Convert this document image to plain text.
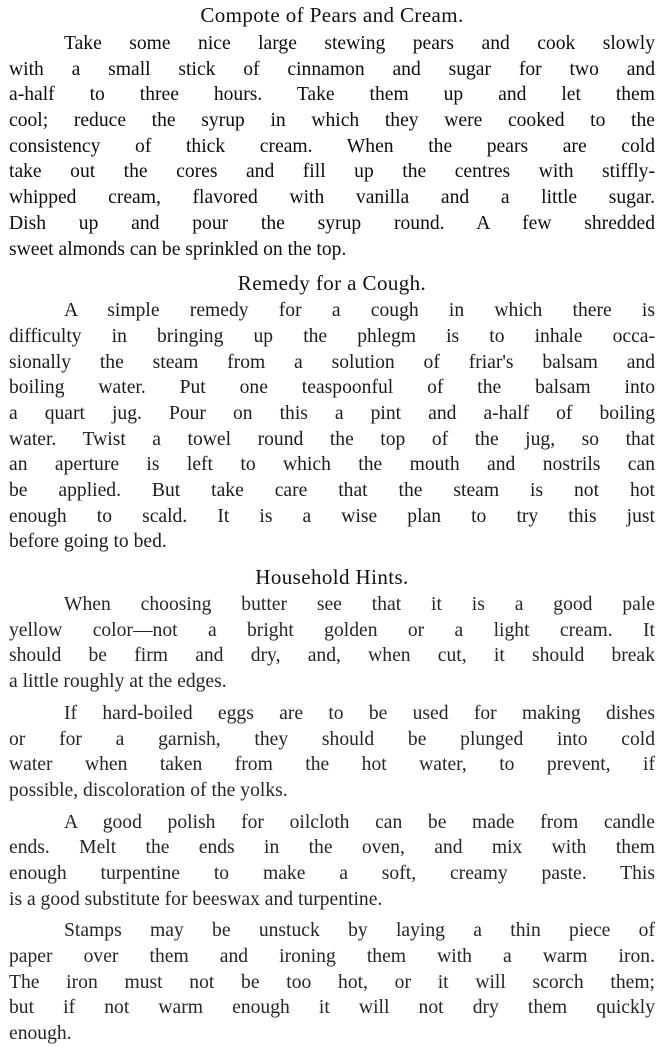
Compote of Pears and Cream.
Take some nice large stewing pears and cook slowly
with a small stick of cinnamon and sugar for two and
a-half to three hours. Take them up and let them
cool; reduce the syrup in which they were cooked to the
consistency of thick cream. When the pears are cold
take out the cores and fill up the centres with stiffly-
whipped cream, flavored with vanilla and a little sugar.
Dish up and pour the syrup round. A few shredded
sweet almonds can be sprinkled on the top.
Remedy for a Cough.
A simple remedy for a cough in which there is
difficulty in bringing up the phlegm is to inhale occa-
sionally the steam from a solution of friar's balsam and
boiling water. Put one teaspoonful of the balsam into
a quart jug. Pour on this a pint and a-half of boiling
water. Twist a towel round the top of the jug, so that
an aperture is left to which the mouth and nostrils can
be applied. But take care that the steam is not hot
enough to scald. It is a wise plan to try this just
before going to bed.
Household Hints.
When choosing butter see that it is a good pale
yellow color—not a bright golden or a light cream. It
should be firm and dry, and, when cut, it should break
a little roughly at the edges.
If hard-boiled eggs are to be used for making dishes
or for a garnish, they should be plunged into cold
water when taken from the hot water, to prevent, if
possible, discoloration of the yolks.
A good polish for oilcloth can be made from candle
ends. Melt the ends in the oven, and mix with them
enough turpentine to make a soft, creamy paste. This
is a good substitute for beeswax and turpentine.
Stamps may be unstuck by laying a thin piece of
paper over them and ironing them with a warm iron.
The iron must not be too hot, or it will scorch them;
but if not warm enough it will not dry them quickly
enough.
